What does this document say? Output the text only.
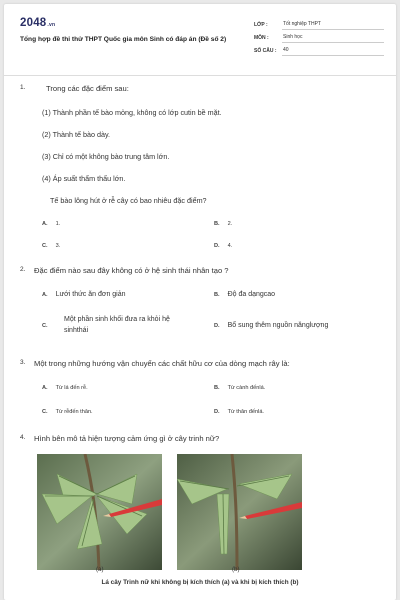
2048.vn
Tổng hợp đề thi thử THPT Quốc gia môn Sinh có đáp án (Đề số 2)
LỚP :	Tốt nghiệp THPT
MÔN :	Sinh học
SỐ CÂU :	40
1.	Trong các đặc điểm sau:
(1) Thành phần tế bào mỏng, không có lớp cutin bề mặt.
(2) Thành tế bào dày.
(3) Chỉ có một không bào trung tâm lớn.
(4) Áp suất thẩm thấu lớn.
Tế bào lông hút ở rễ cây có bao nhiêu đặc điểm?
A. 1.	B. 2.
C. 3.	D. 4.
2. Đặc điểm nào sau đây không có ở hệ sinh thái nhân tạo ?
A. Lưới thức ăn đơn giản	B. Độ đa dạngcao
C.
Một phần sinh khối đưa ra khỏi hệ
sinhthái
D. Bổ sung thêm nguồn nănglượng
3. Một trong những hướng vận chuyển các chất hữu cơ của dòng mạch rây là:
A. Từ lá đến rễ.	B. Từ cành đếnlá.
C. Từ rễđến thân.	D. Từ thân đếnlá.
4. Hình bên mô tả hiện tượng cảm ứng gì ở cây trinh nữ?
(a)	(b)
Lá cây Trinh nữ khi không bị kích thích (a) và khi bị kích thích (b)
